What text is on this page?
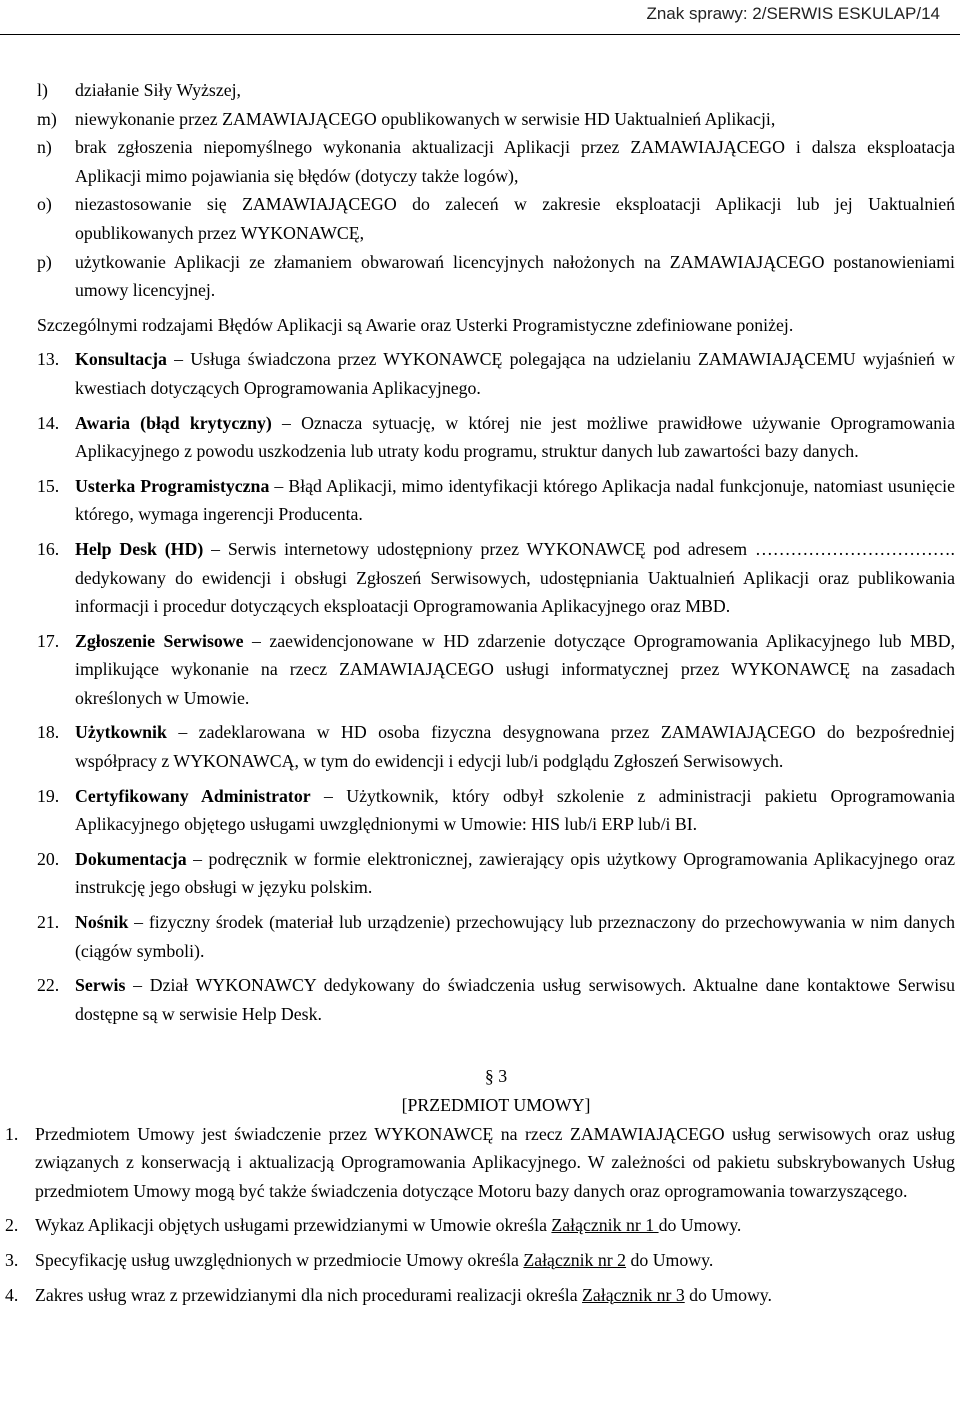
Znak sprawy: 2/SERWIS ESKULAP/14
l) działanie Siły Wyższej,
m) niewykonanie przez ZAMAWIAJĄCEGO opublikowanych w serwisie HD Uaktualnień Aplikacji,
n) brak zgłoszenia niepomyślnego wykonania aktualizacji Aplikacji przez ZAMAWIAJĄCEGO i dalsza eksploatacja Aplikacji mimo pojawiania się błędów (dotyczy także logów),
o) niezastosowanie się ZAMAWIAJĄCEGO do zaleceń w zakresie eksploatacji Aplikacji lub jej Uaktualnień opublikowanych przez WYKONAWCĘ,
p) użytkowanie Aplikacji ze złamaniem obwarowań licencyjnych nałożonych na ZAMAWIAJĄCEGO postanowieniami umowy licencyjnej.

Szczególnymi rodzajami Błędów Aplikacji są Awarie oraz Usterki Programistyczne zdefiniowane poniżej.

13. Konsultacja – Usługa świadczona przez WYKONAWCĘ polegająca na udzielaniu ZAMAWIAJĄCEMU wyjaśnień w kwestiach dotyczących Oprogramowania Aplikacyjnego.
14. Awaria (błąd krytyczny) – Oznacza sytuację, w której nie jest możliwe prawidłowe używanie Oprogramowania Aplikacyjnego z powodu uszkodzenia lub utraty kodu programu, struktur danych lub zawartości bazy danych.
15. Usterka Programistyczna – Błąd Aplikacji, mimo identyfikacji którego Aplikacja nadal funkcjonuje, natomiast usunięcie którego, wymaga ingerencji Producenta.
16. Help Desk (HD) – Serwis internetowy udostępniony przez WYKONAWCĘ pod adresem ……………………………. dedykowany do ewidencji i obsługi Zgłoszeń Serwisowych, udostępniania Uaktualnień Aplikacji oraz publikowania informacji i procedur dotyczących eksploatacji Oprogramowania Aplikacyjnego oraz MBD.
17. Zgłoszenie Serwisowe – zaewidencjonowane w HD zdarzenie dotyczące Oprogramowania Aplikacyjnego lub MBD, implikujące wykonanie na rzecz ZAMAWIAJĄCEGO usługi informatycznej przez WYKONAWCĘ na zasadach określonych w Umowie.
18. Użytkownik – zadeklarowana w HD osoba fizyczna desygnowana przez ZAMAWIAJĄCEGO do bezpośredniej współpracy z WYKONAWCĄ, w tym do ewidencji i edycji lub/i podglądu Zgłoszeń Serwisowych.
19. Certyfikowany Administrator – Użytkownik, który odbył szkolenie z administracji pakietu Oprogramowania Aplikacyjnego objętego usługami uwzględnionymi w Umowie: HIS lub/i ERP lub/i BI.
20. Dokumentacja – podręcznik w formie elektronicznej, zawierający opis użytkowy Oprogramowania Aplikacyjnego oraz instrukcję jego obsługi w języku polskim.
21. Nośnik – fizyczny środek (materiał lub urządzenie) przechowujący lub przeznaczony do przechowywania w nim danych (ciągów symboli).
22. Serwis – Dział WYKONAWCY dedykowany do świadczenia usług serwisowych. Aktualne dane kontaktowe Serwisu dostępne są w serwisie Help Desk.
§ 3
[PRZEDMIOT UMOWY]
1. Przedmiotem Umowy jest świadczenie przez WYKONAWCĘ na rzecz ZAMAWIAJĄCEGO usług serwisowych oraz usług związanych z konserwacją i aktualizacją Oprogramowania Aplikacyjnego. W zależności od pakietu subskrybowanych Usług przedmiotem Umowy mogą być także świadczenia dotyczące Motoru bazy danych oraz oprogramowania towarzyszącego.
2. Wykaz Aplikacji objętych usługami przewidzianymi w Umowie określa Załącznik nr 1 do Umowy.
3. Specyfikację usług uwzględnionych w przedmiocie Umowy określa Załącznik nr 2 do Umowy.
4. Zakres usług wraz z przewidzianymi dla nich procedurami realizacji określa Załącznik nr 3 do Umowy.
